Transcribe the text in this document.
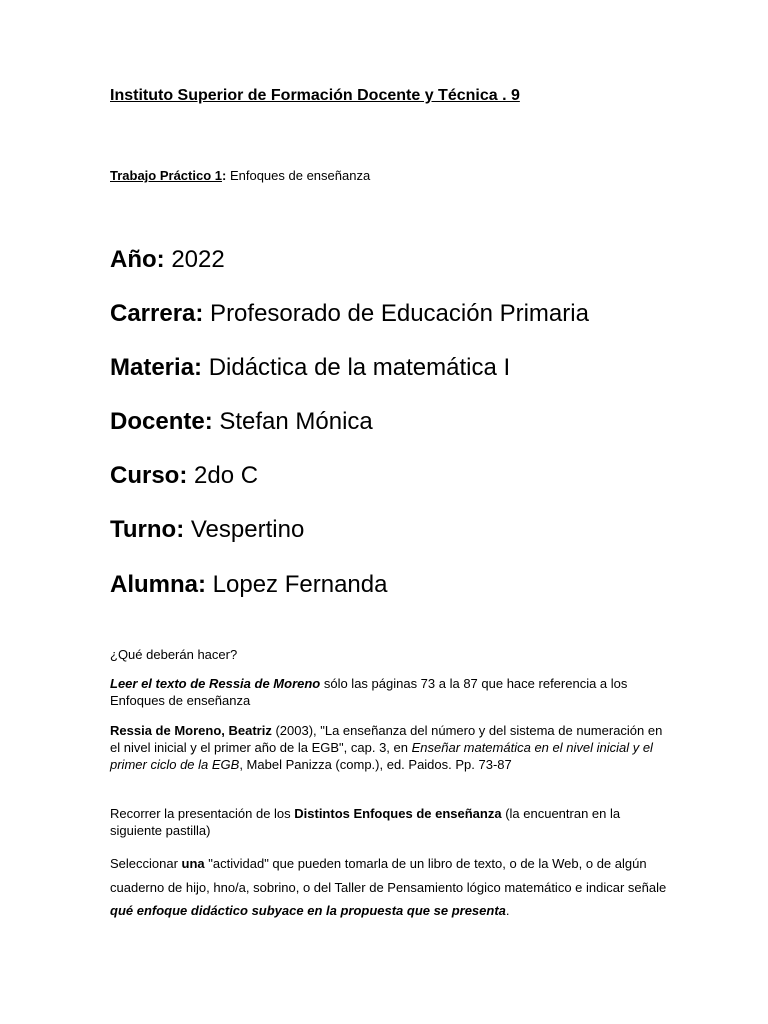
Instituto Superior de Formación Docente y Técnica . 9
Trabajo Práctico 1: Enfoques de enseñanza
Año: 2022
Carrera: Profesorado de Educación Primaria
Materia: Didáctica de la matemática I
Docente: Stefan Mónica
Curso: 2do C
Turno: Vespertino
Alumna: Lopez Fernanda
¿Qué deberán hacer?
Leer el texto de Ressia de Moreno sólo las páginas 73 a la 87 que hace referencia a los Enfoques de enseñanza
Ressia de Moreno, Beatriz (2003), "La enseñanza del número y del sistema de numeración en el nivel inicial y el primer año de la EGB", cap. 3, en Enseñar matemática en el nivel inicial y el primer ciclo de la EGB, Mabel Panizza (comp.), ed. Paidos. Pp. 73-87
Recorrer la presentación de los Distintos Enfoques de enseñanza (la encuentran en la siguiente pastilla)
Seleccionar una "actividad" que pueden tomarla de un libro de texto, o de la Web, o de algún cuaderno de hijo, hno/a, sobrino, o del Taller de Pensamiento lógico matemático e indicar señale qué enfoque didáctico subyace en la propuesta que se presenta.
